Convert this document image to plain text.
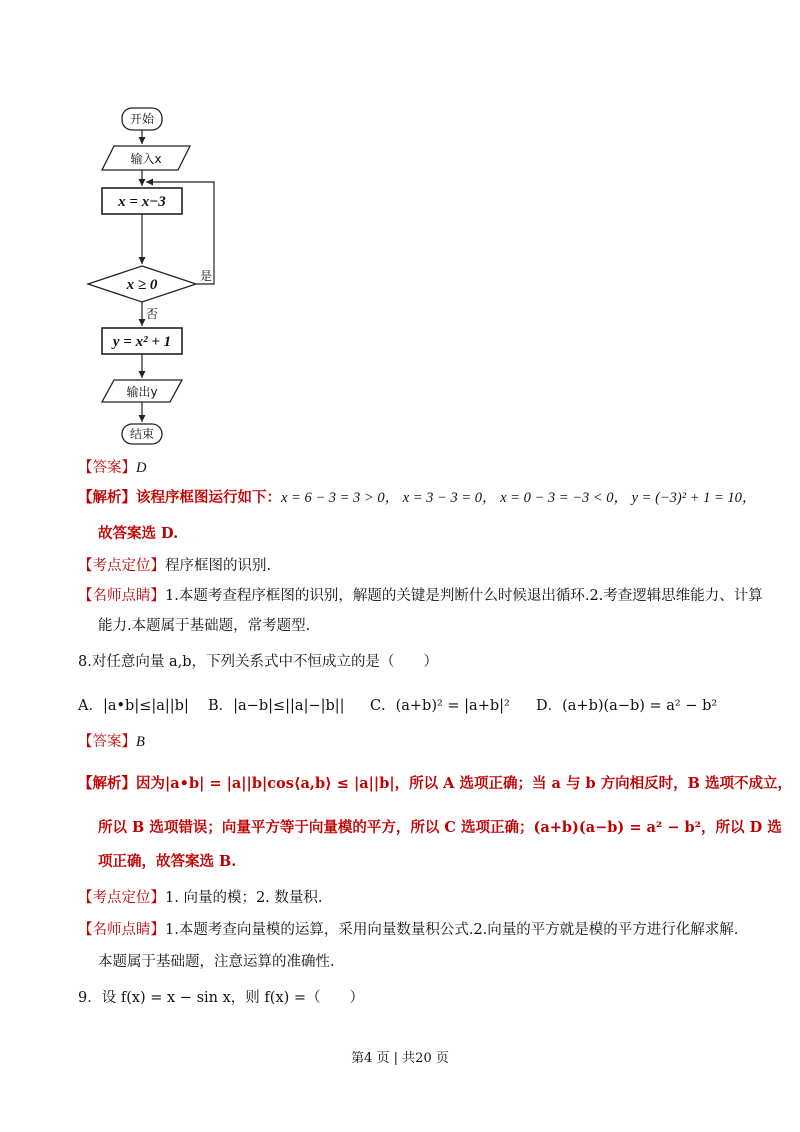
开始
输入x
x = x−3
x ≥ 0
是
否
y = x² + 1
输出y
结束
【答案】D
【解析】该程序框图运行如下：x = 6 − 3 = 3 > 0， x = 3 − 3 = 0， x = 0 − 3 = −3 < 0， y = (−3)² + 1 = 10，
故答案选 D.
【考点定位】程序框图的识别.
【名师点睛】1.本题考查程序框图的识别，解题的关键是判断什么时候退出循环.2.考查逻辑思维能力、计算
能力.本题属于基础题，常考题型.
8.对任意向量 a,b，下列关系式中不恒成立的是（　　）
A．|a•b|≤|a||b| B．|a−b|≤||a|−|b|| C．(a+b)² = |a+b|² D．(a+b)(a−b) = a² − b²
【答案】B
【解析】因为|a•b| = |a||b|cos⟨a,b⟩ ≤ |a||b|，所以 A 选项正确；当 a 与 b 方向相反时，B 选项不成立，
所以 B 选项错误；向量平方等于向量模的平方，所以 C 选项正确；(a+b)(a−b) = a² − b²，所以 D 选
项正确，故答案选 B.
【考点定位】1. 向量的模；2. 数量积.
【名师点睛】1.本题考查向量模的运算，采用向量数量积公式.2.向量的平方就是模的平方进行化解求解.
本题属于基础题，注意运算的准确性.
9．设 f(x) = x − sin x，则 f(x) =（　　）
第4 页 | 共20 页
